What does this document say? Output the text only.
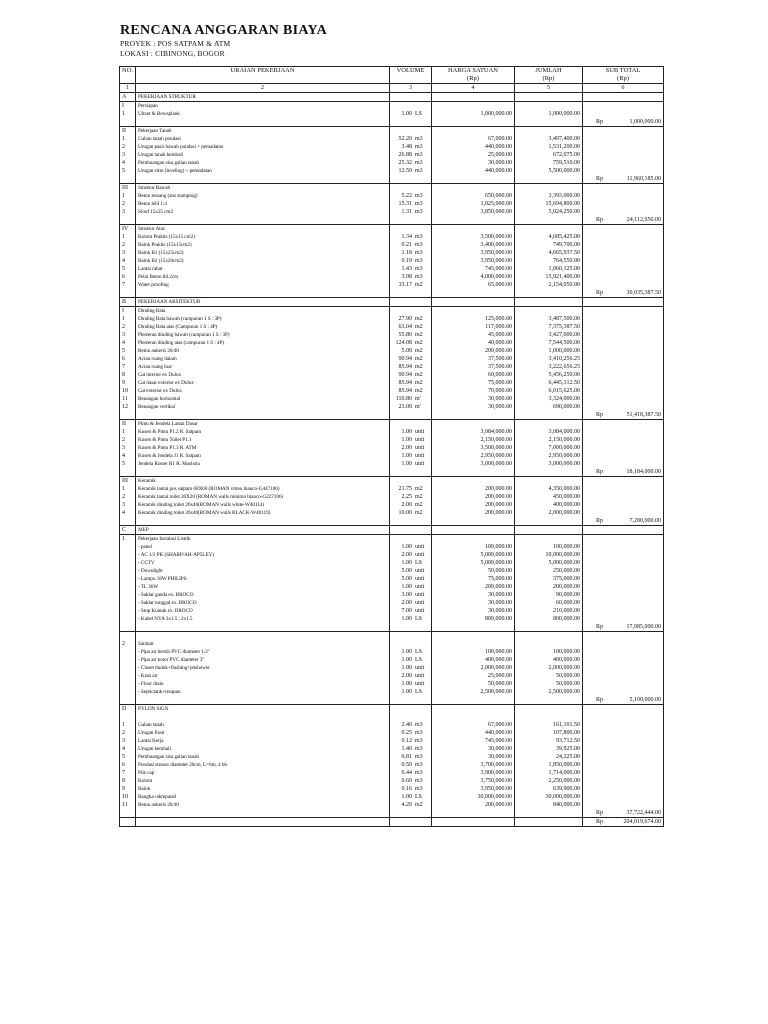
RENCANA ANGGARAN BIAYA
PROYEK : POS SATPAM & ATM
LOKASI : CIBINONG, BOGOR
NO.	URAIAN PEKERJAAN	VOLUME	HARGA SATUAN	JUMLAH	SUB TOTAL
			(Rp)	(Rp)	(Rp)
1	2	3	4	5	6
A	PEKERJAAN STRUKTUR				
I	Persiapan				
1	Uitzet & Bowsplank	1.00 LS	1,000,000.00	1,000,000.00	

					Rp 1,000,000.00
II	Pekerjaan Tanah				
1	Galian tanah pondasi	52.20 m3	67,000.00	3,497,400.00	
2	Urugan pasir bawah pondasi + pemadatan	3.48 m3	440,000.00	1,531,200.00	
3	Urugan tanah kembali	26.88 m3	25,000.00	672,075.00	
4	Pembuangan sisa galian tanah	25.32 m3	30,000.00	759,510.00	
5	Urugan sirtu (leveling) + pemadatan	12.50 m3	440,000.00	5,500,000.00	

					Rp 11,960,185.00
III	Struktur Bawah				
1	Beton lessang (ans stamping)	5.22 m3	650,000.00	3,393,000.00	
2	Beton lelil 1:4	15.31 m3	1,025,000.00	15,694,800.00	
3	Sloof 15x25 cm2	1.31 m3	3,850,000.00	5,024,250.00	

					Rp 24,112,050.00
IV	Struktur Atas				
1	Kolom Praktis (15x15 cm2)	1.34 m3	3,500,000.00	4,685,425.00	
2	Balok Praktis (15x15cm2)	0.21 m3	3,400,000.00	749,700.00	
3	Balok B1 (15x25cm2)	1.18 m3	3,950,000.00	4,665,937.50	
4	Balok B2 (15x20cm2)	0.19 m3	3,950,000.00	764,550.00	
5	Lantai rabat	1.43 m3	745,000.00	1,060,125.00	
6	Pelat Beton tbl.2cm	3.98 m3	4,000,000.00	15,921,400.00	
7	Water proofing	33.17 m2	65,000.00	2,154,050.00	

					Rp 30,035,387.50
B	PEKERJAAN ARSITEKTUR				
I	Dinding Bata				
1	Dinding Bata bawah (campuran 1 S : 3P)	27.90 m2	125,000.00	3,487,500.00	
2	Dinding Bata atas (Campuran 1 S : 4P)	63.04 m2	117,000.00	7,375,387.50	
3	Plesteran dinding bawah (campuran 1 S : 3P)	55.80 m2	45,000.00	3,427,000.00	
4	Plesteran dinding atas (campuran 1 S : 4P)	124.08 m2	40,000.00	7,544,500.00	
5	Beton ankeris 20/40	5.00 m2	200,000.00	1,000,000.00	
6	Acian ruang dalam	90.94 m2	37,500.00	3,410,256.25	
7	Acian ruang luar	85.94 m2	37,500.00	3,222,656.25	
8	Cat interior ex Dulux	90.94 m2	60,000.00	5,456,250.00	
9	Cat dasar exterior ex Dulux	85.94 m2	75,000.00	6,445,312.50	
10	Cat exterior ex Dulux	85.94 m2	70,000.00	6,015,625.00	
11	Benangan horizontal	110.80 m'	30,000.00	3,324,000.00	
12	Benangan vertikal	23.00 m'	30,000.00	690,000.00	

					Rp 51,418,387.50
II	Pintu & Jendela Lantai Dasar				
1	Kusen & Pintu P1.2 R. Satpam	1.00 unit	3,084,000.00	3,084,000.00	
2	Kusen & Pintu Toilet P1.1	1.00 unit	2,150,000.00	2,150,000.00	
3	Kusen & Pintu P1.3 R. ATM	2.00 unit	3,500,000.00	7,000,000.00	
4	Kusen & Jendela J1 R. Satpam	1.00 unit	2,950,000.00	2,950,000.00	
5	Jendela Roster R1 R. Mushola	1.00 unit	3,000,000.00	3,000,000.00	

					Rp 18,184,000.00
III	Keramik				
1	Keramik lantai pos satpam 60X60 (ROMAN vitreo bianco-G447106)	21.75 m2	200,000.00	4,350,000.00	
2	Keramik lantai toilet 20X20 (ROMAN walls minimo bianco-G227106)	2.25 m2	200,000.00	450,000.00	
3	Keramik dinding toilet 20x40(ROMAN walls white-W40114)	2.00 m2	200,000.00	400,000.00	
4	Keramik dinding toilet 20x40(ROMAN walls BLACK-W40119)	10.00 m2	200,000.00	2,000,000.00	

					Rp 7,200,000.00
C	MEP				
1	Pekerjaan Instalasi Listrik				
	- panel	1.00 unit	100,000.00	100,000.00	
	- AC 1/2 PK (SHARP/AH-AP5LEY)	2.00 unit	5,000,000.00	10,000,000.00	
	- CCTV	1.00 LS	5,000,000.00	5,000,000.00	
	- Downlight	5.00 unit	50,000.00	250,000.00	
	- Lampu 18W PHILIPS	5.00 unit	75,000.00	375,000.00	
	- TL 36W	1.00 unit	200,000.00	200,000.00	
	- Saklar ganda ex. BROCO	3.00 unit	30,000.00	90,000.00	
	- Saklar tunggal ex. BROCO	2.00 unit	30,000.00	60,000.00	
	- Stop Kontak ex. BROCO	7.00 unit	30,000.00	210,000.00	
	- Kabel NYA 3x1.5 ; 2x1.5	1.00 LS	800,000.00	800,000.00	

					Rp 17,085,000.00

2	Sanitair				
	- Pipa air bersih PVC diameter 1/2"	1.00 LS	100,000.00	100,000.00	
	- Pipa air kotor PVC diameter 3"	1.00 LS	400,000.00	400,000.00	
	- Closet duduk+flushing+jetshower	1.00 unit	2,000,000.00	2,000,000.00	
	- Kran air	2.00 unit	25,000.00	50,000.00	
	- Floor drain	1.00 unit	50,000.00	50,000.00	
	- Septictank+resapan	1.00 LS	2,500,000.00	2,500,000.00	

					Rp 5,100,000.00
D	PYLON SIGN				

1	Galian tanah	2.40 m3	67,000.00	161,101.50	
2	Urugan Pasir	0.25 m3	440,000.00	107,800.00	
3	Lantai Kerja	0.12 m3	745,000.00	93,712.50	
4	Urugan kembali	1.40 m3	30,000.00	39,925.00	
5	Pembuangan sisa galian tanah	0.81 m3	30,000.00	24,225.00	
6	Pondasi strauss diameter 20cm, L=6m, 4 bh	0.50 m3	3,700,000.00	1,850,000.00	
7	Pile cap	0.44 m3	3,900,000.00	1,714,000.00	
8	Kolom	0.60 m3	3,750,000.00	2,250,000.00	
9	Balok	0.16 m3	3,950,000.00	639,900.00	
10	Rangka+akrepanel	1.00 LS	30,000,000.00	30,000,000.00	
11	Beton ankeris 20/40	4.20 m2	200,000.00	840,000.00	

					Rp 37,722,444.00

					Rp 204,019,674.00
